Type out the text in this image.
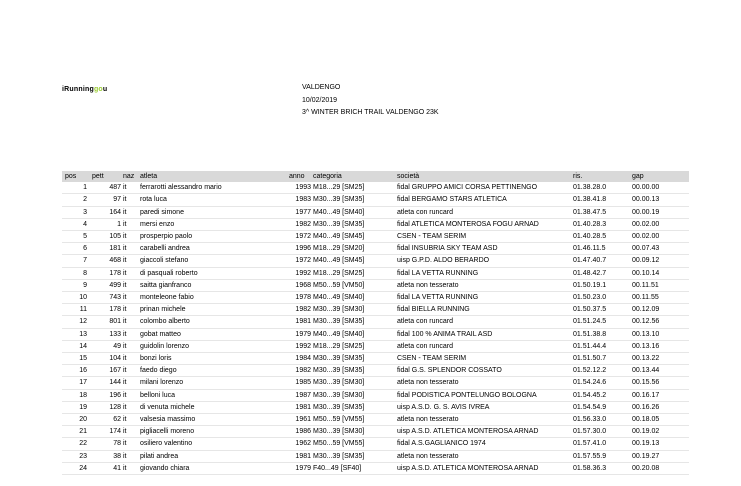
iRunninggou	VALDENGO
10/02/2019
3^ WINTER BRICH TRAIL VALDENGO 23K
pos	pett	naz	atleta	anno	categoria	società	ris.	gap
1	487	it	ferrarotti alessandro mario	1993	M18...29 [SM25]	fidal GRUPPO AMICI CORSA PETTINENGO	01.38.28.0	00.00.00
2	97	it	rota luca	1983	M30...39 [SM35]	fidal BERGAMO STARS ATLETICA	01.38.41.8	00.00.13
3	164	it	paredi simone	1977	M40...49 [SM40]	atleta con runcard	01.38.47.5	00.00.19
4	1	it	mersi enzo	1982	M30...39 [SM35]	fidal ATLETICA MONTEROSA FOGU ARNAD	01.40.28.3	00.02.00
5	105	it	prosperpio paolo	1972	M40...49 [SM45]	CSEN - TEAM SERIM	01.40.28.5	00.02.00
6	181	it	carabelli andrea	1996	M18...29 [SM20]	fidal INSUBRIA SKY TEAM ASD	01.46.11.5	00.07.43
7	468	it	giaccoli stefano	1972	M40...49 [SM45]	uisp G.P.D. ALDO BERARDO	01.47.40.7	00.09.12
8	178	it	di pasquali roberto	1992	M18...29 [SM25]	fidal LA VETTA RUNNING	01.48.42.7	00.10.14
9	499	it	saitta gianfranco	1968	M50...59 [VM50]	atleta non tesserato	01.50.19.1	00.11.51
10	743	it	monteleone fabio	1978	M40...49 [SM40]	fidal LA VETTA RUNNING	01.50.23.0	00.11.55
11	178	it	prinan michele	1982	M30...39 [SM30]	fidal BIELLA RUNNING	01.50.37.5	00.12.09
12	801	it	colombo alberto	1981	M30...39 [SM35]	atleta con runcard	01.51.24.5	00.12.56
13	133	it	gobat matteo	1979	M40...49 [SM40]	fidal 100 % ANIMA TRAIL ASD	01.51.38.8	00.13.10
14	49	it	guidolin lorenzo	1992	M18...29 [SM25]	atleta con runcard	01.51.44.4	00.13.16
15	104	it	bonzi loris	1984	M30...39 [SM35]	CSEN - TEAM SERIM	01.51.50.7	00.13.22
16	167	it	faedo diego	1982	M30...39 [SM35]	fidal G.S. SPLENDOR COSSATO	01.52.12.2	00.13.44
17	144	it	milani lorenzo	1985	M30...39 [SM30]	atleta non tesserato	01.54.24.6	00.15.56
18	196	it	belloni luca	1987	M30...39 [SM30]	fidal PODISTICA PONTELUNGO BOLOGNA	01.54.45.2	00.16.17
19	128	it	di venuta michele	1981	M30...39 [SM35]	uisp A.S.D. G. S. AVIS IVREA	01.54.54.9	00.16.26
20	62	it	valsesia massimo	1961	M50...59 [VM55]	atleta non tesserato	01.56.33.0	00.18.05
21	174	it	pigliacelli moreno	1986	M30...39 [SM30]	uisp A.S.D. ATLETICA MONTEROSA ARNAD	01.57.30.0	00.19.02
22	78	it	osiliero valentino	1962	M50...59 [VM55]	fidal A.S.GAGLIANICO 1974	01.57.41.0	00.19.13
23	38	it	pilati andrea	1981	M30...39 [SM35]	atleta non tesserato	01.57.55.9	00.19.27
24	41	it	giovando chiara	1979	F40...49 [SF40]	uisp A.S.D. ATLETICA MONTEROSA ARNAD	01.58.36.3	00.20.08
